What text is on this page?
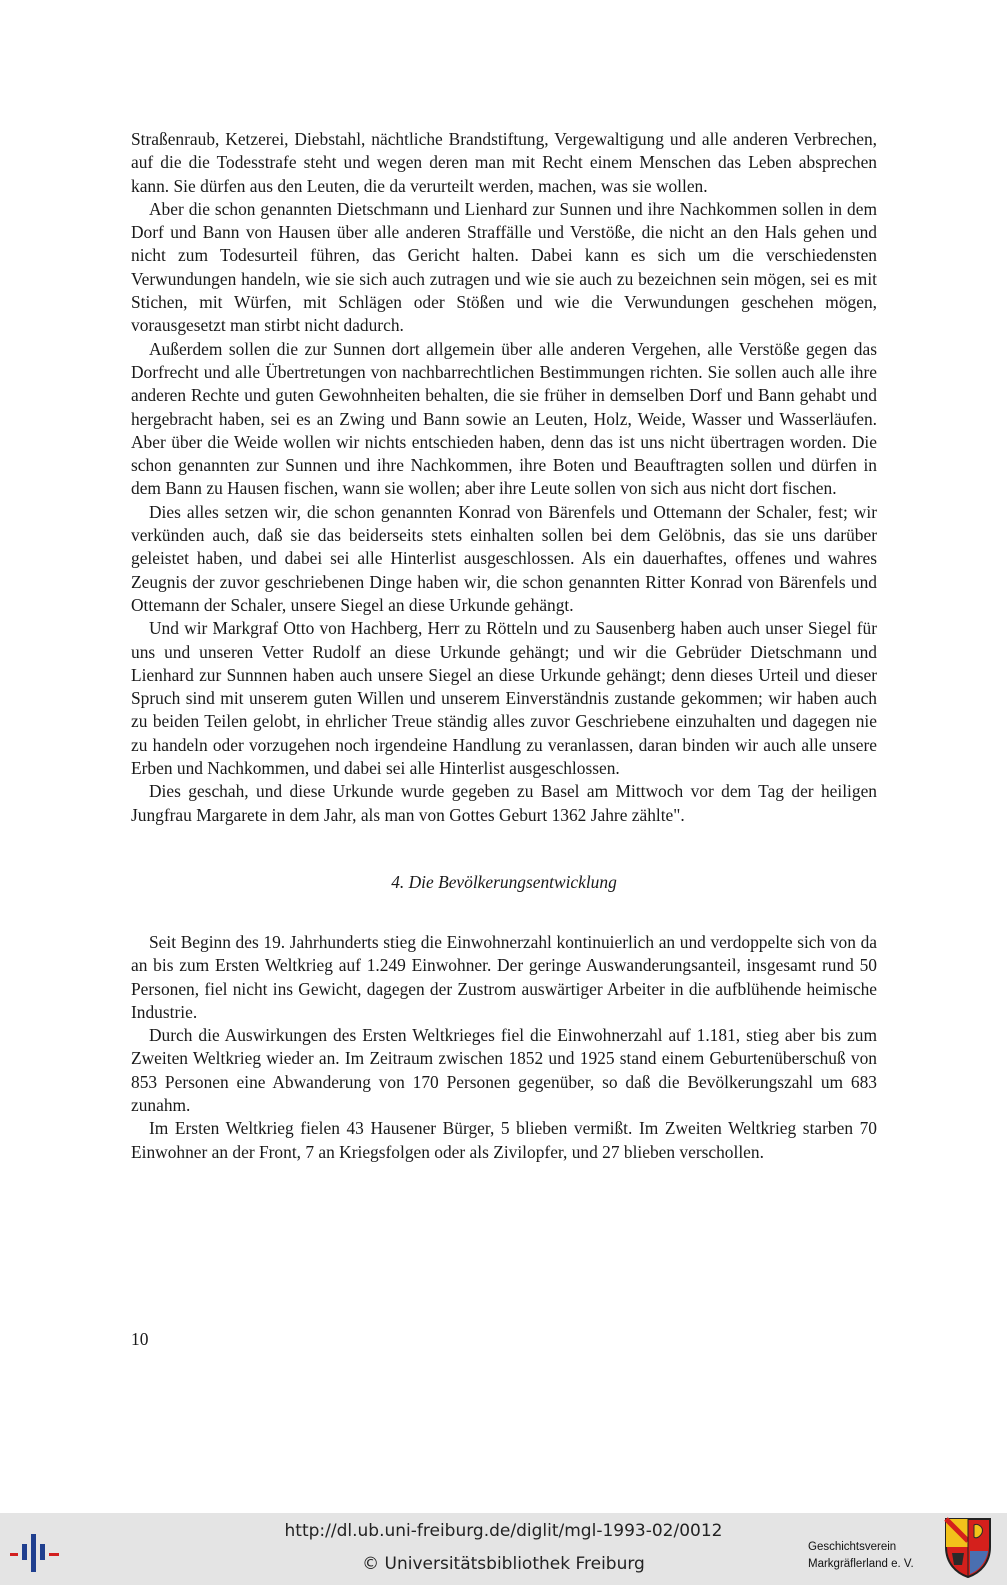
Straßenraub, Ketzerei, Diebstahl, nächtliche Brandstiftung, Vergewaltigung und alle anderen Verbrechen, auf die die Todesstrafe steht und wegen deren man mit Recht einem Menschen das Leben absprechen kann. Sie dürfen aus den Leuten, die da verurteilt werden, machen, was sie wollen.

Aber die schon genannten Dietschmann und Lienhard zur Sunnen und ihre Nachkommen sollen in dem Dorf und Bann von Hausen über alle anderen Straffälle und Verstöße, die nicht an den Hals gehen und nicht zum Todesurteil führen, das Gericht halten. Dabei kann es sich um die verschiedensten Verwundungen handeln, wie sie sich auch zutragen und wie sie auch zu bezeichnen sein mögen, sei es mit Stichen, mit Würfen, mit Schlägen oder Stößen und wie die Verwundungen geschehen mögen, vorausgesetzt man stirbt nicht dadurch.

Außerdem sollen die zur Sunnen dort allgemein über alle anderen Vergehen, alle Verstöße gegen das Dorfrecht und alle Übertretungen von nachbarrechtlichen Bestimmungen richten. Sie sollen auch alle ihre anderen Rechte und guten Gewohnheiten behalten, die sie früher in demselben Dorf und Bann gehabt und hergebracht haben, sei es an Zwing und Bann sowie an Leuten, Holz, Weide, Wasser und Wasserläufen. Aber über die Weide wollen wir nichts entschieden haben, denn das ist uns nicht übertragen worden. Die schon genannten zur Sunnen und ihre Nachkommen, ihre Boten und Beauftragten sollen und dürfen in dem Bann zu Hausen fischen, wann sie wollen; aber ihre Leute sollen von sich aus nicht dort fischen.

Dies alles setzen wir, die schon genannten Konrad von Bärenfels und Ottemann der Schaler, fest; wir verkünden auch, daß sie das beiderseits stets einhalten sollen bei dem Gelöbnis, das sie uns darüber geleistet haben, und dabei sei alle Hinterlist ausgeschlossen. Als ein dauerhaftes, offenes und wahres Zeugnis der zuvor geschriebenen Dinge haben wir, die schon genannten Ritter Konrad von Bärenfels und Ottemann der Schaler, unsere Siegel an diese Urkunde gehängt.

Und wir Markgraf Otto von Hachberg, Herr zu Rötteln und zu Sausenberg haben auch unser Siegel für uns und unseren Vetter Rudolf an diese Urkunde gehängt; und wir die Gebrüder Dietschmann und Lienhard zur Sunnnen haben auch unsere Siegel an diese Urkunde gehängt; denn dieses Urteil und dieser Spruch sind mit unserem guten Willen und unserem Einverständnis zustande gekommen; wir haben auch zu beiden Teilen gelobt, in ehrlicher Treue ständig alles zuvor Geschriebene einzuhalten und dagegen nie zu handeln oder vorzugehen noch irgendeine Handlung zu veranlassen, daran binden wir auch alle unsere Erben und Nachkommen, und dabei sei alle Hinterlist ausgeschlossen.

Dies geschah, und diese Urkunde wurde gegeben zu Basel am Mittwoch vor dem Tag der heiligen Jungfrau Margarete in dem Jahr, als man von Gottes Geburt 1362 Jahre zählte".

4. Die Bevölkerungsentwicklung

Seit Beginn des 19. Jahrhunderts stieg die Einwohnerzahl kontinuierlich an und verdoppelte sich von da an bis zum Ersten Weltkrieg auf 1.249 Einwohner. Der geringe Auswanderungsanteil, insgesamt rund 50 Personen, fiel nicht ins Gewicht, dagegen der Zustrom auswärtiger Arbeiter in die aufblühende heimische Industrie.

Durch die Auswirkungen des Ersten Weltkrieges fiel die Einwohnerzahl auf 1.181, stieg aber bis zum Zweiten Weltkrieg wieder an. Im Zeitraum zwischen 1852 und 1925 stand einem Geburtenüberschuß von 853 Personen eine Abwanderung von 170 Personen gegenüber, so daß die Bevölkerungszahl um 683 zunahm.

Im Ersten Weltkrieg fielen 43 Hausener Bürger, 5 blieben vermißt. Im Zweiten Weltkrieg starben 70 Einwohner an der Front, 7 an Kriegsfolgen oder als Zivilopfer, und 27 blieben verschollen.

10
http://dl.ub.uni-freiburg.de/diglit/mgl-1993-02/0012
© Universitätsbibliothek Freiburg
Geschichtsverein
Markgräflerland e. V.
